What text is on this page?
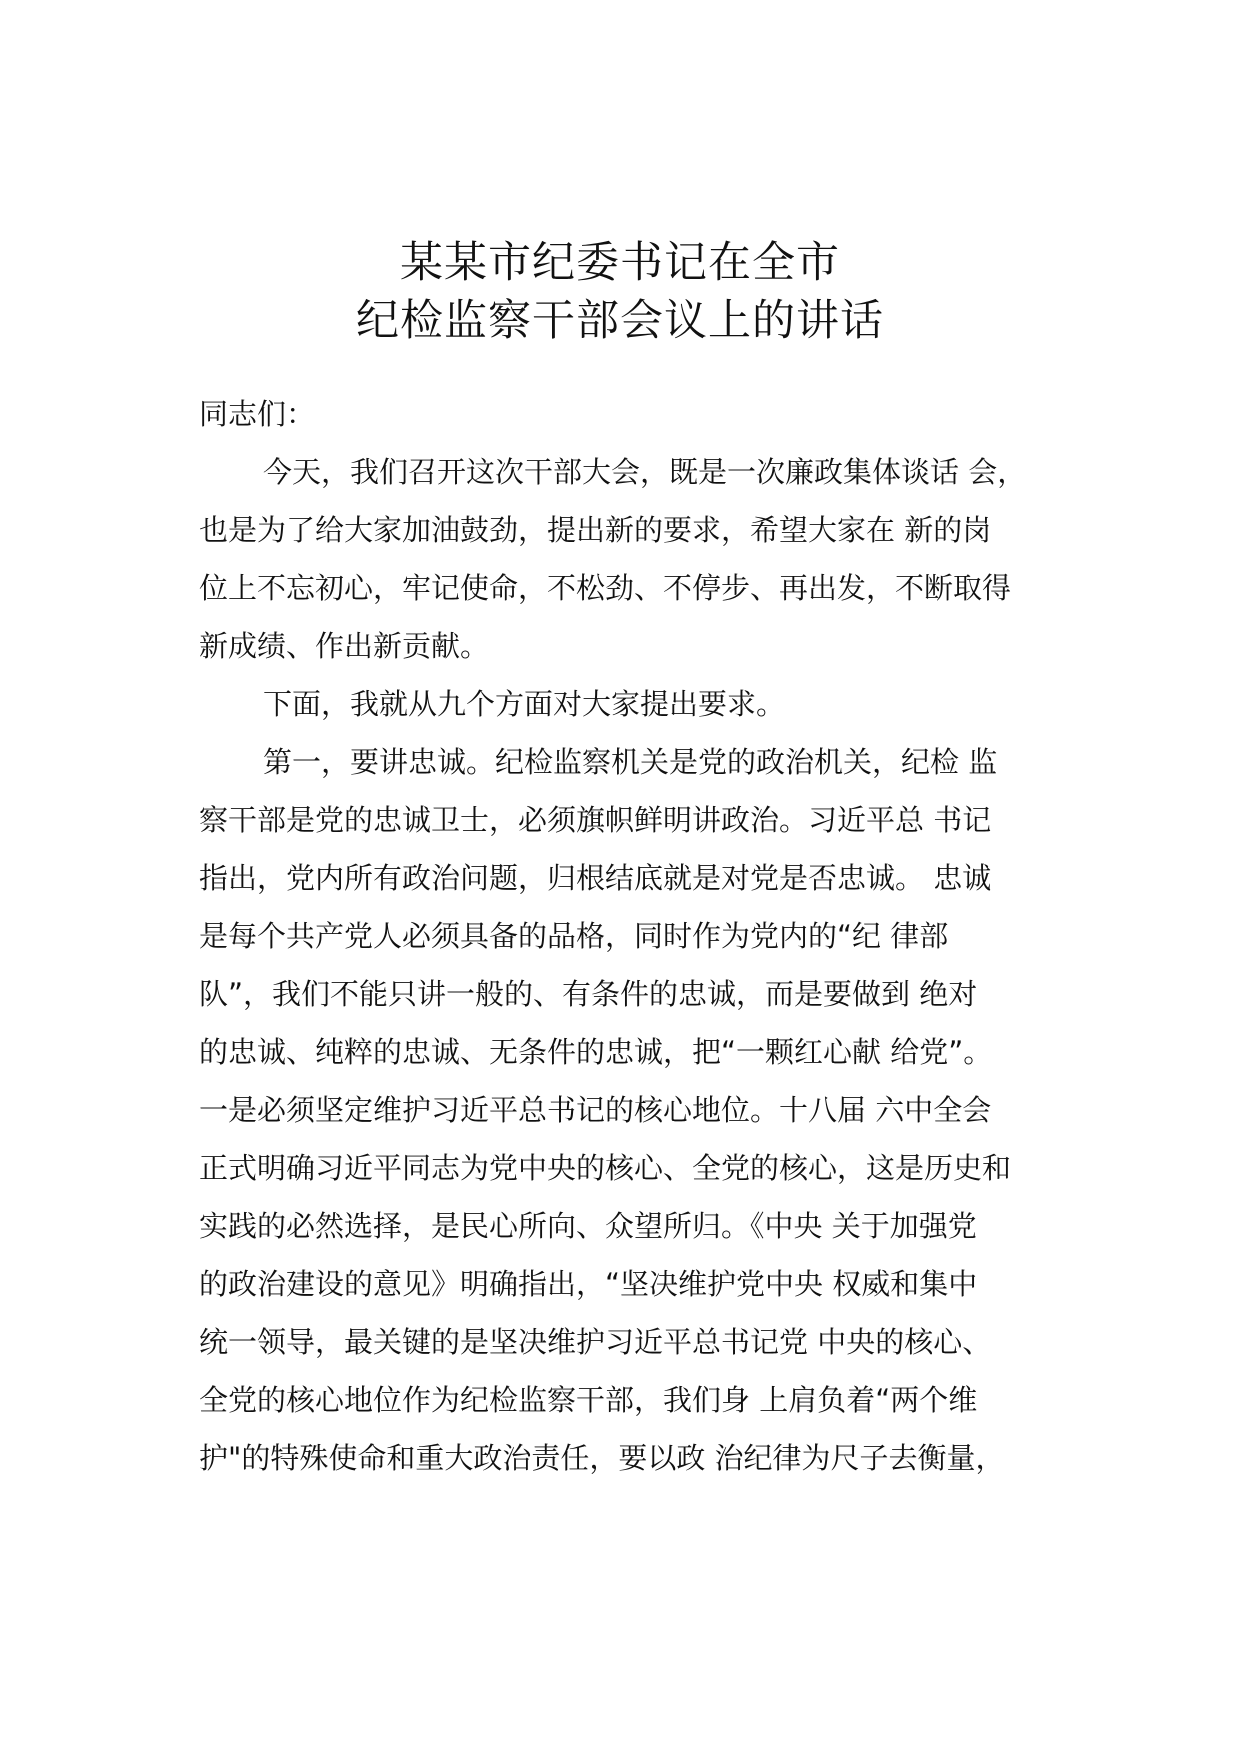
某某市纪委书记在全市
纪检监察干部会议上的讲话
同志们：
今天，我们召开这次干部大会，既是一次廉政集体谈话 会，
也是为了给大家加油鼓劲，提出新的要求，希望大家在 新的岗
位上不忘初心，牢记使命，不松劲、不停步、再出发，不断取得
新成绩、作出新贡献。
下面，我就从九个方面对大家提出要求。
第一，要讲忠诚。纪检监察机关是党的政治机关，纪检 监
察干部是党的忠诚卫士，必须旗帜鲜明讲政治。习近平总 书记
指出，党内所有政治问题，归根结底就是对党是否忠诚。 忠诚
是每个共产党人必须具备的品格，同时作为党内的“纪 律部
队”，我们不能只讲一般的、有条件的忠诚，而是要做到 绝对
的忠诚、纯粹的忠诚、无条件的忠诚，把“一颗红心献 给党”。
一是必须坚定维护习近平总书记的核心地位。十八届 六中全会
正式明确习近平同志为党中央的核心、全党的核心，这是历史和
实践的必然选择，是民心所向、众望所归。《中央 关于加强党
的政治建设的意见》明确指出，“坚决维护党中央 权威和集中
统一领导，最关键的是坚决维护习近平总书记党 中央的核心、
全党的核心地位作为纪检监察干部，我们身 上肩负着“两个维
护"的特殊使命和重大政治责任，要以政 治纪律为尺子去衡量，
